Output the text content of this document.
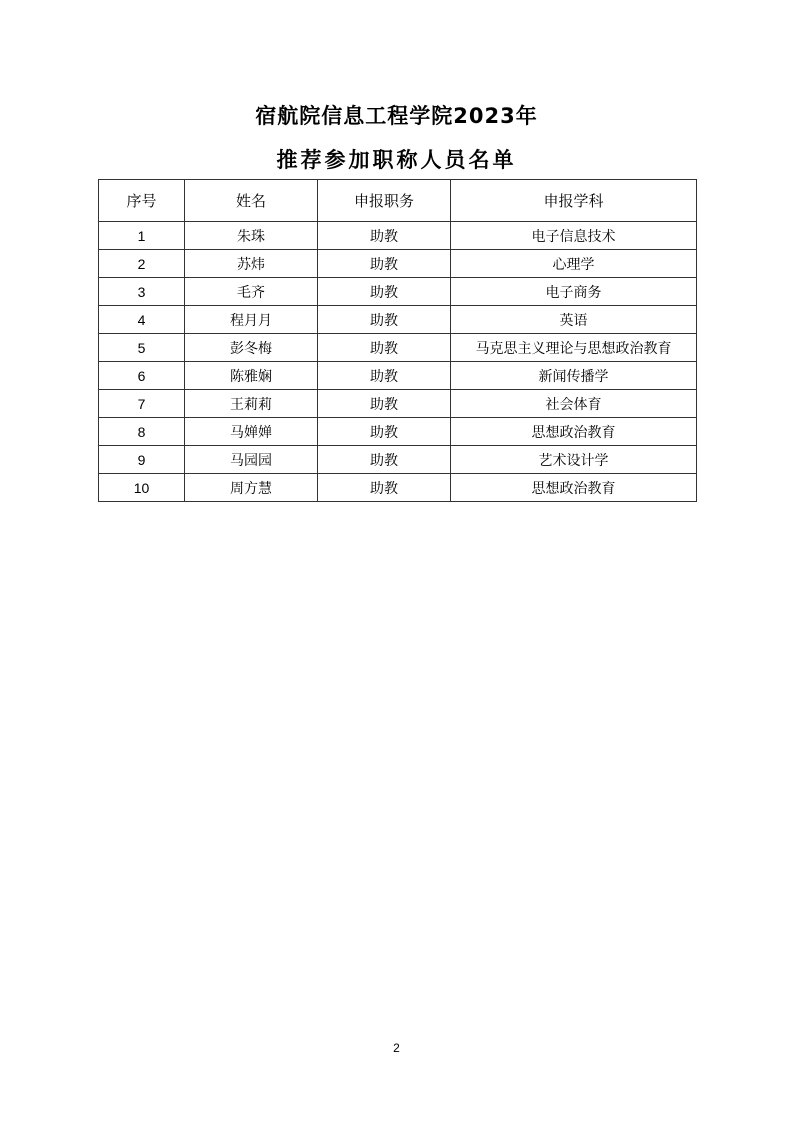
宿航院信息工程学院2023年
推荐参加职称人员名单
序号	姓名	申报职务	申报学科
1	朱珠	助教	电子信息技术
2	苏炜	助教	心理学
3	毛齐	助教	电子商务
4	程月月	助教	英语
5	彭冬梅	助教	马克思主义理论与思想政治教育
6	陈雅娴	助教	新闻传播学
7	王莉莉	助教	社会体育
8	马婵婵	助教	思想政治教育
9	马园园	助教	艺术设计学
10	周方慧	助教	思想政治教育
2
